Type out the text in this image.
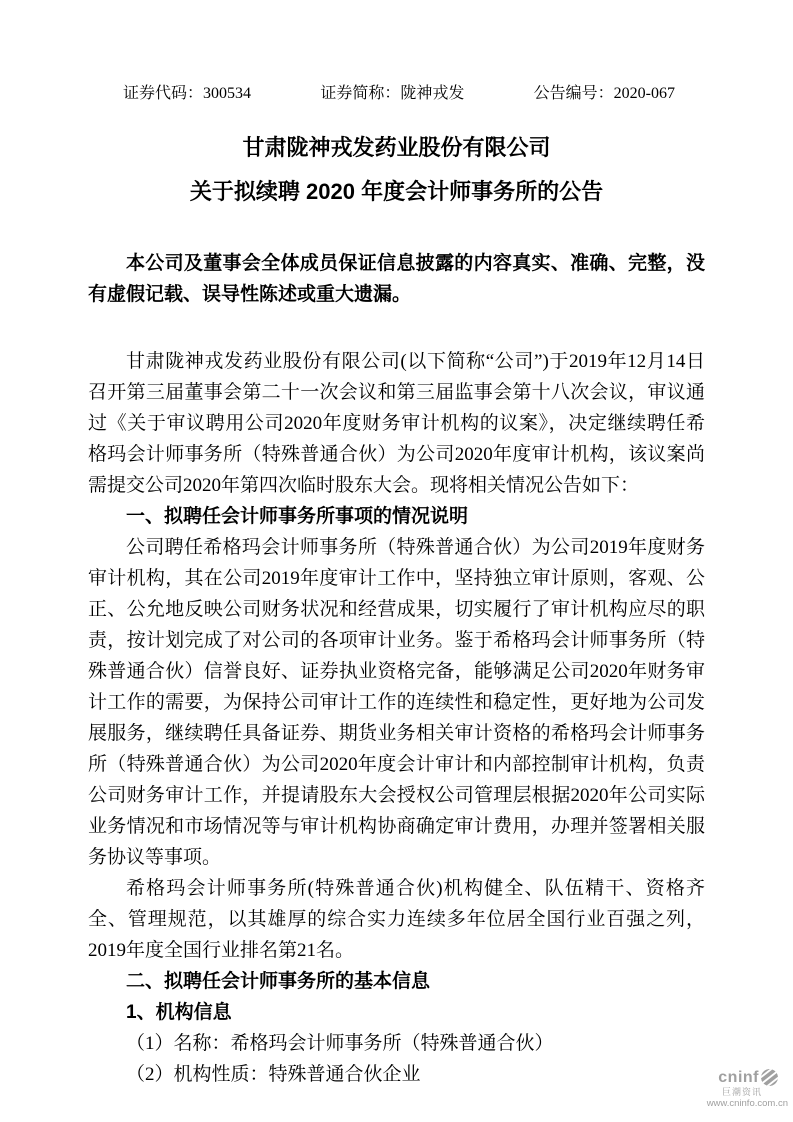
证券代码：300534	证券简称：陇神戎发	公告编号：2020-067
甘肃陇神戎发药业股份有限公司
关于拟续聘 2020 年度会计师事务所的公告
本公司及董事会全体成员保证信息披露的内容真实、准确、完整，没有虚假记载、误导性陈述或重大遗漏。
甘肃陇神戎发药业股份有限公司(以下简称“公司”)于2019年12月14日召开第三届董事会第二十一次会议和第三届监事会第十八次会议，审议通过《关于审议聘用公司2020年度财务审计机构的议案》，决定继续聘任希格玛会计师事务所（特殊普通合伙）为公司2020年度审计机构，该议案尚需提交公司2020年第四次临时股东大会。现将相关情况公告如下：
一、拟聘任会计师事务所事项的情况说明
公司聘任希格玛会计师事务所（特殊普通合伙）为公司2019年度财务审计机构，其在公司2019年度审计工作中，坚持独立审计原则，客观、公正、公允地反映公司财务状况和经营成果，切实履行了审计机构应尽的职责，按计划完成了对公司的各项审计业务。鉴于希格玛会计师事务所（特殊普通合伙）信誉良好、证券执业资格完备，能够满足公司2020年财务审计工作的需要，为保持公司审计工作的连续性和稳定性，更好地为公司发展服务，继续聘任具备证券、期货业务相关审计资格的希格玛会计师事务所（特殊普通合伙）为公司2020年度会计审计和内部控制审计机构，负责公司财务审计工作，并提请股东大会授权公司管理层根据2020年公司实际业务情况和市场情况等与审计机构协商确定审计费用，办理并签署相关服务协议等事项。
希格玛会计师事务所(特殊普通合伙)机构健全、队伍精干、资格齐全、管理规范，以其雄厚的综合实力连续多年位居全国行业百强之列，2019年度全国行业排名第21名。
二、拟聘任会计师事务所的基本信息
1、机构信息
（1）名称：希格玛会计师事务所（特殊普通合伙）
（2）机构性质：特殊普通合伙企业	cninf
巨潮资讯
www.cninfo.com.cn
